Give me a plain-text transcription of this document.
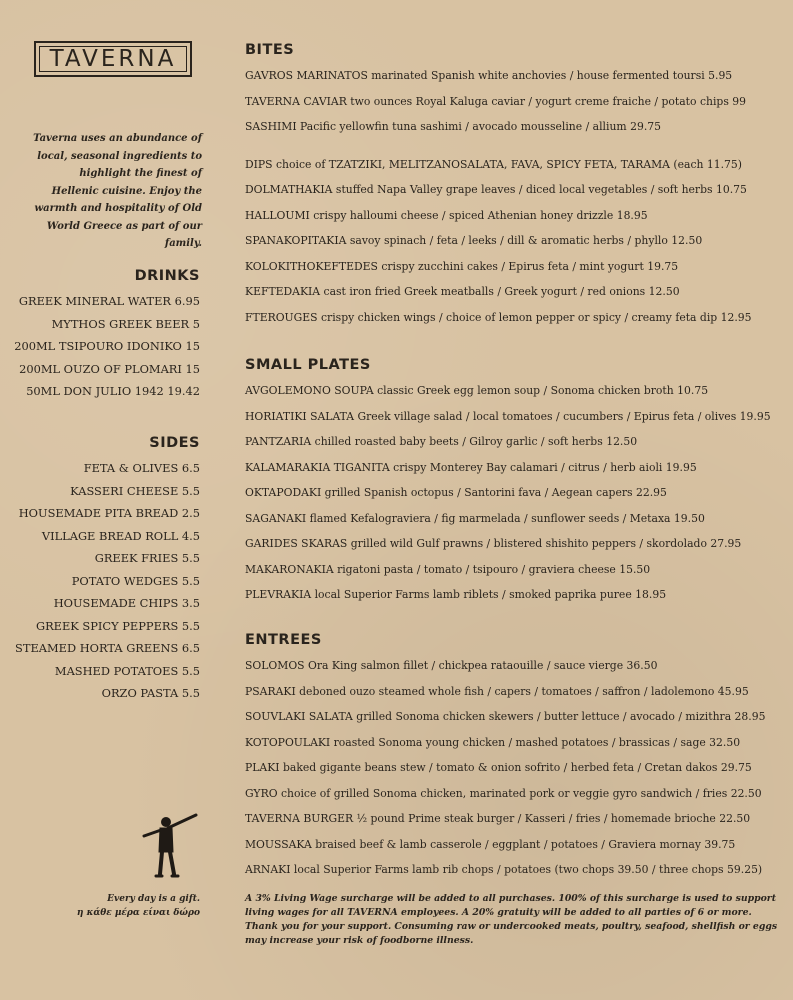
TAVERNA
Taverna uses an abundance of local, seasonal ingredients to highlight the finest of Hellenic cuisine. Enjoy the warmth and hospitality of Old World Greece as part of our family.
DRINKS
GREEK MINERAL WATER 6.95
MYTHOS GREEK BEER 5
200ML TSIPOURO IDONIKO 15
200ML OUZO OF PLOMARI 15
50ML DON JULIO 1942 19.42
SIDES
FETA & OLIVES 6.5
KASSERI CHEESE 5.5
HOUSEMADE PITA BREAD 2.5
VILLAGE BREAD ROLL 4.5
GREEK FRIES 5.5
POTATO WEDGES 5.5
HOUSEMADE CHIPS 3.5
GREEK SPICY PEPPERS 5.5
STEAMED HORTA GREENS 6.5
MASHED POTATOES 5.5
ORZO PASTA 5.5
Every day is a gift.
η κάθε μέρα είναι δώρο
BITES
GAVROS MARINATOS marinated Spanish white anchovies / house fermented toursi 5.95
TAVERNA CAVIAR two ounces Royal Kaluga caviar / yogurt creme fraiche / potato chips 99
SASHIMI Pacific yellowfin tuna sashimi / avocado mousseline / allium 29.75
DIPS choice of TZATZIKI, MELITZANOSALATA, FAVA, SPICY FETA, TARAMA (each 11.75)
DOLMATHAKIA stuffed Napa Valley grape leaves / diced local vegetables / soft herbs 10.75
HALLOUMI crispy halloumi cheese / spiced Athenian honey drizzle 18.95
SPANAKOPITAKIA savoy spinach / feta / leeks / dill & aromatic herbs / phyllo 12.50
KOLOKITHOKEFTEDES crispy zucchini cakes / Epirus feta / mint yogurt 19.75
KEFTEDAKIA cast iron fried Greek meatballs / Greek yogurt / red onions 12.50
FTEROUGES crispy chicken wings / choice of lemon pepper or spicy / creamy feta dip 12.95
SMALL PLATES
AVGOLEMONO SOUPA classic Greek egg lemon soup / Sonoma chicken broth 10.75
HORIATIKI SALATA Greek village salad / local tomatoes / cucumbers / Epirus feta / olives 19.95
PANTZARIA chilled roasted baby beets / Gilroy garlic / soft herbs 12.50
KALAMARAKIA TIGANITA crispy Monterey Bay calamari / citrus / herb aioli 19.95
OKTAPODAKI grilled Spanish octopus / Santorini fava / Aegean capers 22.95
SAGANAKI flamed Kefalograviera / fig marmelada / sunflower seeds / Metaxa 19.50
GARIDES SKARAS grilled wild Gulf prawns / blistered shishito peppers / skordolado 27.95
MAKARONAKIA rigatoni pasta / tomato / tsipouro / graviera cheese 15.50
PLEVRAKIA local Superior Farms lamb riblets / smoked paprika puree 18.95
ENTREES
SOLOMOS Ora King salmon fillet / chickpea rataouille / sauce vierge 36.50
PSARAKI deboned ouzo steamed whole fish / capers / tomatoes / saffron / ladolemono 45.95
SOUVLAKI SALATA grilled Sonoma chicken skewers / butter lettuce / avocado / mizithra 28.95
KOTOPOULAKI roasted Sonoma young chicken / mashed potatoes / brassicas / sage 32.50
PLAKI baked gigante beans stew / tomato & onion sofrito / herbed feta / Cretan dakos 29.75
GYRO choice of grilled Sonoma chicken, marinated pork or veggie gyro sandwich / fries 22.50
TAVERNA BURGER ½ pound Prime steak burger / Kasseri / fries / homemade brioche 22.50
MOUSSAKA braised beef & lamb casserole / eggplant / potatoes / Graviera mornay 39.75
ARNAKI local Superior Farms lamb rib chops / potatoes (two chops 39.50 / three chops 59.25)
A 3% Living Wage surcharge will be added to all purchases. 100% of this surcharge is used to support living wages for all TAVERNA employees. A 20% gratuity will be added to all parties of 6 or more. Thank you for your support. Consuming raw or undercooked meats, poultry, seafood, shellfish or eggs may increase your risk of foodborne illness.
